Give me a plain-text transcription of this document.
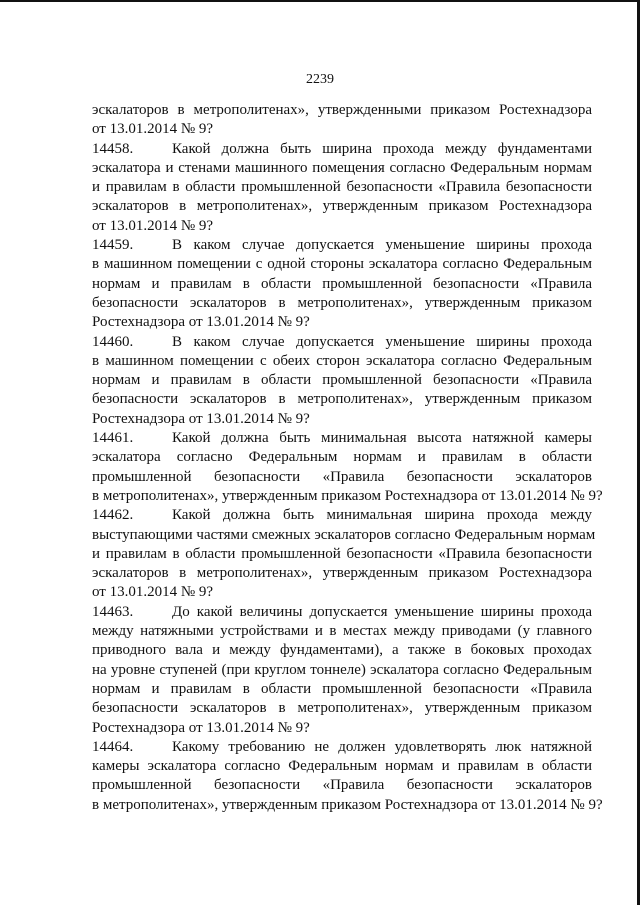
2239
эскалаторов в метрополитенах», утвержденными приказом Ростехнадзора
от 13.01.2014 № 9?
14458.	Какой должна быть ширина прохода между фундаментами
эскалатора и стенами машинного помещения согласно Федеральным нормам
и правилам в области промышленной безопасности «Правила безопасности
эскалаторов в метрополитенах», утвержденным приказом Ростехнадзора
от 13.01.2014 № 9?
14459.	В каком случае допускается уменьшение ширины прохода
в машинном помещении с одной стороны эскалатора согласно Федеральным
нормам и правилам в области промышленной безопасности «Правила
безопасности эскалаторов в метрополитенах», утвержденным приказом
Ростехнадзора от 13.01.2014 № 9?
14460.	В каком случае допускается уменьшение ширины прохода
в машинном помещении с обеих сторон эскалатора согласно Федеральным
нормам и правилам в области промышленной безопасности «Правила
безопасности эскалаторов в метрополитенах», утвержденным приказом
Ростехнадзора от 13.01.2014 № 9?
14461.	Какой должна быть минимальная высота натяжной камеры
эскалатора согласно Федеральным нормам и правилам в области
промышленной безопасности «Правила безопасности эскалаторов
в метрополитенах», утвержденным приказом Ростехнадзора от 13.01.2014 № 9?
14462.	Какой должна быть минимальная ширина прохода между
выступающими частями смежных эскалаторов согласно Федеральным нормам
и правилам в области промышленной безопасности «Правила безопасности
эскалаторов в метрополитенах», утвержденным приказом Ростехнадзора
от 13.01.2014 № 9?
14463.	До какой величины допускается уменьшение ширины прохода
между натяжными устройствами и в местах между приводами (у главного
приводного вала и между фундаментами), а также в боковых проходах
на уровне ступеней (при круглом тоннеле) эскалатора согласно Федеральным
нормам и правилам в области промышленной безопасности «Правила
безопасности эскалаторов в метрополитенах», утвержденным приказом
Ростехнадзора от 13.01.2014 № 9?
14464.	Какому требованию не должен удовлетворять люк натяжной
камеры эскалатора согласно Федеральным нормам и правилам в области
промышленной безопасности «Правила безопасности эскалаторов
в метрополитенах», утвержденным приказом Ростехнадзора от 13.01.2014 № 9?
